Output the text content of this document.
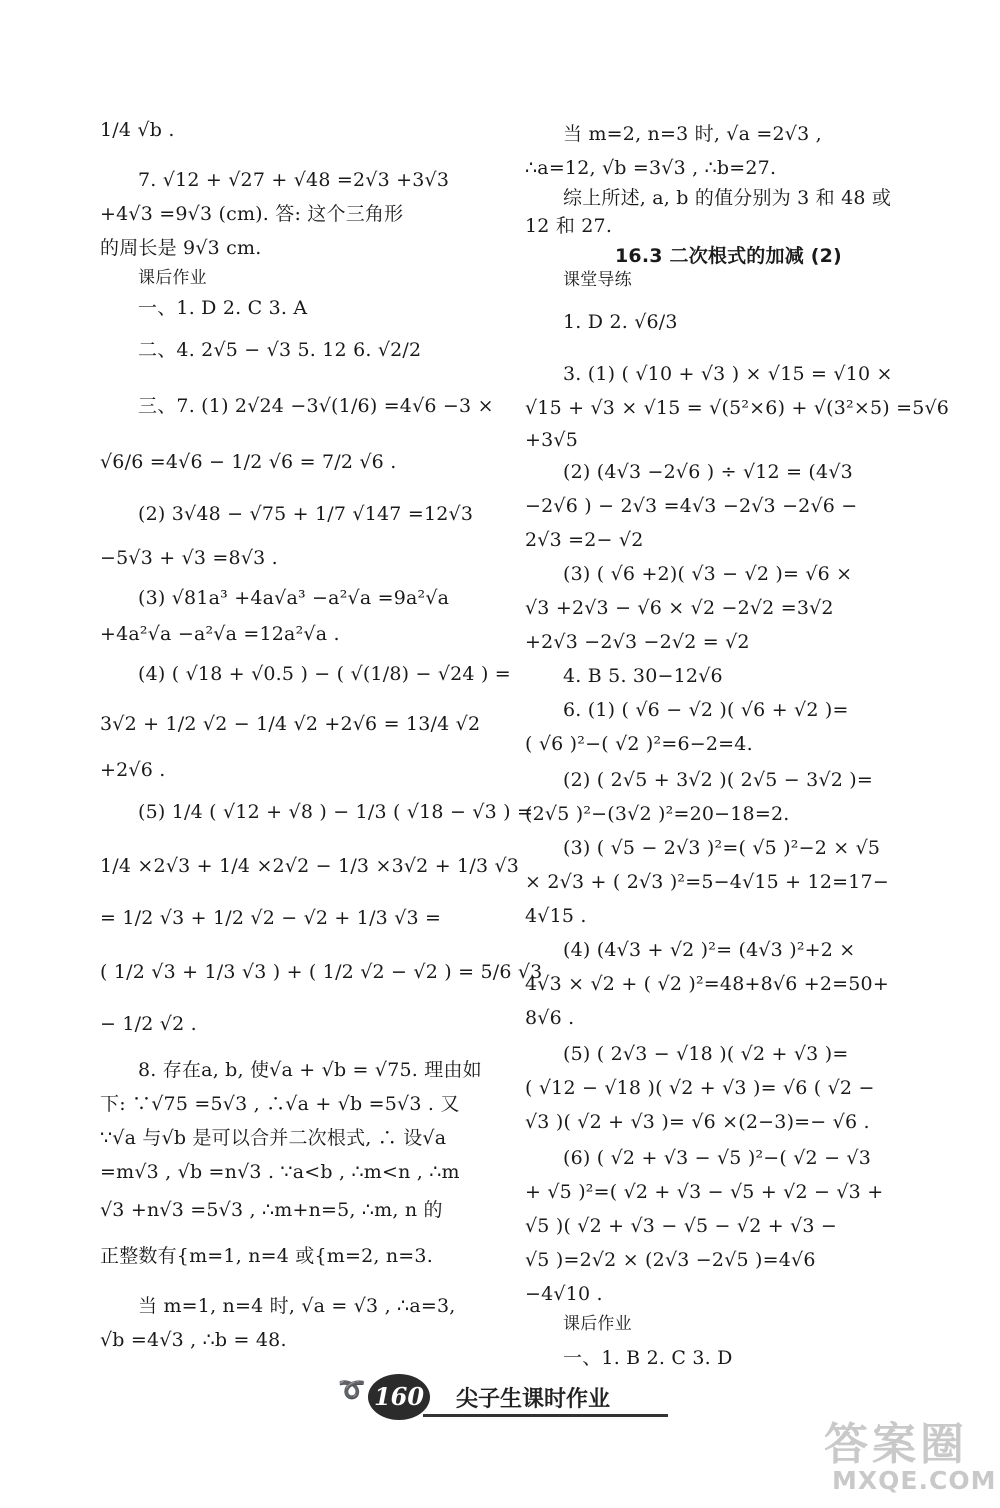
1/4 √b .
7. √12 + √27 + √48 =2√3 +3√3
+4√3 =9√3 (cm). 答: 这个三角形
的周长是 9√3 cm.
课后作业
一、1. D 2. C 3. A
二、4. 2√5 − √3 5. 12 6. √2/2
三、7. (1) 2√24 −3√(1/6) =4√6 −3 ×
√6/6 =4√6 − 1/2 √6 = 7/2 √6 .
(2) 3√48 − √75 + 1/7 √147 =12√3
−5√3 + √3 =8√3 .
(3) √81a³ +4a√a³ −a²√a =9a²√a
+4a²√a −a²√a =12a²√a .
(4) ( √18 + √0.5 ) − ( √(1/8) − √24 ) =
3√2 + 1/2 √2 − 1/4 √2 +2√6 = 13/4 √2
+2√6 .
(5) 1/4 ( √12 + √8 ) − 1/3 ( √18 − √3 ) =
1/4 ×2√3 + 1/4 ×2√2 − 1/3 ×3√2 + 1/3 √3
= 1/2 √3 + 1/2 √2 − √2 + 1/3 √3 =
( 1/2 √3 + 1/3 √3 ) + ( 1/2 √2 − √2 ) = 5/6 √3
− 1/2 √2 .
8. 存在a, b, 使√a + √b = √75. 理由如
下: ∵√75 =5√3 , ∴√a + √b =5√3 . 又
∵√a 与√b 是可以合并二次根式, ∴ 设√a
=m√3 , √b =n√3 . ∵a<b , ∴m<n , ∴m
√3 +n√3 =5√3 , ∴m+n=5, ∴m, n 的
正整数有{m=1, n=4 或{m=2, n=3.
当 m=1, n=4 时, √a = √3 , ∴a=3,
√b =4√3 , ∴b = 48.
当 m=2, n=3 时, √a =2√3 ,
∴a=12, √b =3√3 , ∴b=27.
综上所述, a, b 的值分别为 3 和 48 或
12 和 27.
16.3 二次根式的加减 (2)
课堂导练
1. D 2. √6/3
3. (1) ( √10 + √3 ) × √15 = √10 ×
√15 + √3 × √15 = √(5²×6) + √(3²×5) =5√6
+3√5
(2) (4√3 −2√6 ) ÷ √12 = (4√3
−2√6 ) − 2√3 =4√3 −2√3 −2√6 −
2√3 =2− √2
(3) ( √6 +2)( √3 − √2 )= √6 ×
√3 +2√3 − √6 × √2 −2√2 =3√2
+2√3 −2√3 −2√2 = √2
4. B 5. 30−12√6
6. (1) ( √6 − √2 )( √6 + √2 )=
( √6 )²−( √2 )²=6−2=4.
(2) ( 2√5 + 3√2 )( 2√5 − 3√2 )=
(2√5 )²−(3√2 )²=20−18=2.
(3) ( √5 − 2√3 )²=( √5 )²−2 × √5
× 2√3 + ( 2√3 )²=5−4√15 + 12=17−
4√15 .
(4) (4√3 + √2 )²= (4√3 )²+2 ×
4√3 × √2 + ( √2 )²=48+8√6 +2=50+
8√6 .
(5) ( 2√3 − √18 )( √2 + √3 )=
( √12 − √18 )( √2 + √3 )= √6 ( √2 −
√3 )( √2 + √3 )= √6 ×(2−3)=− √6 .
(6) ( √2 + √3 − √5 )²−( √2 − √3
+ √5 )²=( √2 + √3 − √5 + √2 − √3 +
√5 )( √2 + √3 − √5 − √2 + √3 −
√5 )=2√2 × (2√3 −2√5 )=4√6
−4√10 .
课后作业
一、1. B 2. C 3. D
➰ 160 尖子生课时作业
答案圈
MXQE.COM
